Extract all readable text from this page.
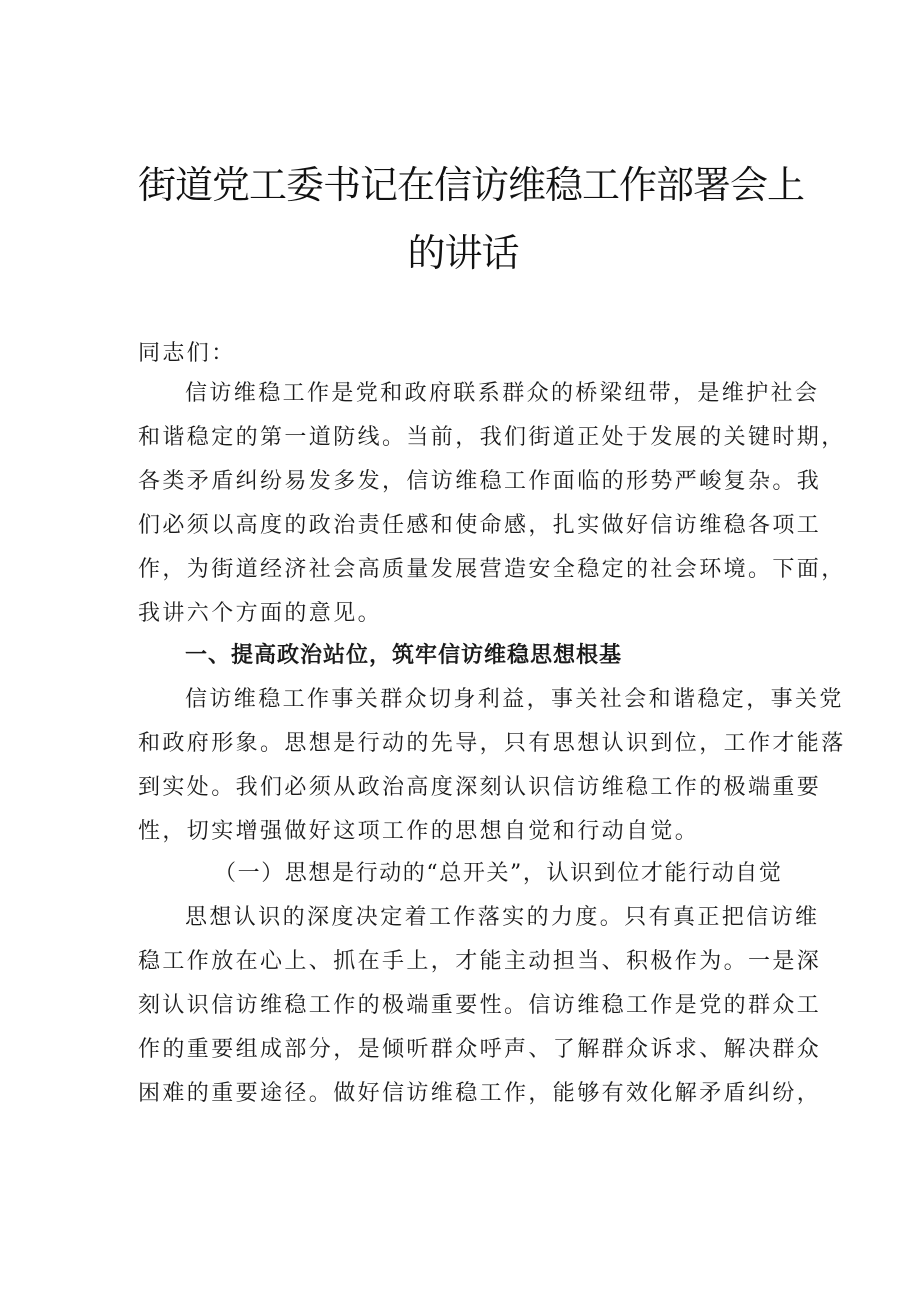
街道党工委书记在信访维稳工作部署会上
的讲话
同志们：
信访维稳工作是党和政府联系群众的桥梁纽带，是维护社会
和谐稳定的第一道防线。当前，我们街道正处于发展的关键时期，
各类矛盾纠纷易发多发，信访维稳工作面临的形势严峻复杂。我
们必须以高度的政治责任感和使命感，扎实做好信访维稳各项工
作，为街道经济社会高质量发展营造安全稳定的社会环境。下面，
我讲六个方面的意见。
一、提高政治站位，筑牢信访维稳思想根基
信访维稳工作事关群众切身利益，事关社会和谐稳定，事关党
和政府形象。思想是行动的先导，只有思想认识到位，工作才能落
到实处。我们必须从政治高度深刻认识信访维稳工作的极端重要
性，切实增强做好这项工作的思想自觉和行动自觉。
（一）思想是行动的“总开关”，认识到位才能行动自觉
思想认识的深度决定着工作落实的力度。只有真正把信访维
稳工作放在心上、抓在手上，才能主动担当、积极作为。一是深
刻认识信访维稳工作的极端重要性。信访维稳工作是党的群众工
作的重要组成部分，是倾听群众呼声、了解群众诉求、解决群众
困难的重要途径。做好信访维稳工作，能够有效化解矛盾纠纷，
